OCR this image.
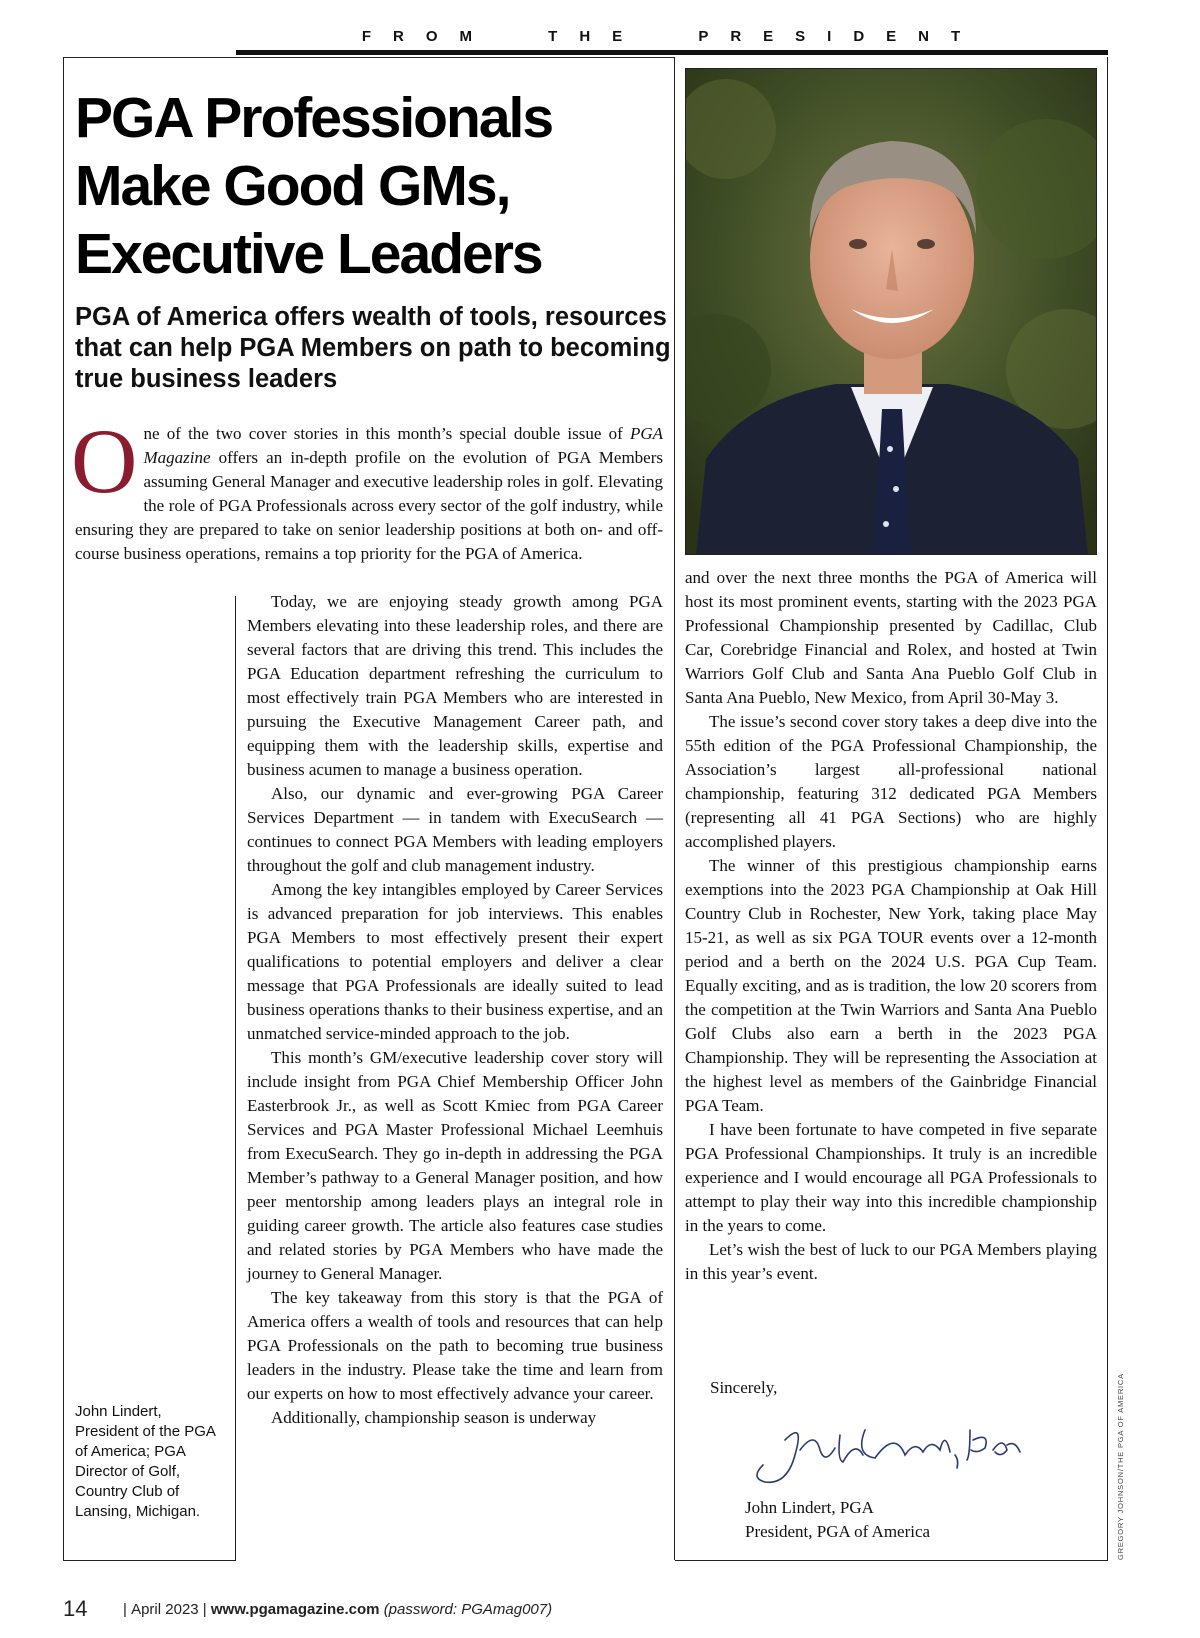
FROM THE PRESIDENT
PGA Professionals
Make Good GMs,
Executive Leaders
PGA of America offers wealth of tools, resources that can help PGA Members on path to becoming true business leaders
O ne of the two cover stories in this month’s special double issue of PGA Magazine offers an in-depth profile on the evolution of PGA Members assuming General Manager and executive leadership roles in golf. Elevating the role of PGA Professionals across every sector of the golf industry, while ensuring they are prepared to take on senior leadership positions at both on- and off-course business operations, remains a top priority for the PGA of America.

Today, we are enjoying steady growth among PGA Members elevating into these leadership roles, and there are several factors that are driving this trend. This includes the PGA Education department refreshing the curriculum to most effectively train PGA Members who are interested in pursuing the Executive Management Career path, and equipping them with the leadership skills, expertise and business acumen to manage a business operation.

Also, our dynamic and ever-growing PGA Career Services Department — in tandem with ExecuSearch — continues to connect PGA Members with leading employers throughout the golf and club management industry.

Among the key intangibles employed by Career Services is advanced preparation for job interviews. This enables PGA Members to most effectively present their expert qualifications to potential employers and deliver a clear message that PGA Professionals are ideally suited to lead business operations thanks to their business expertise, and an unmatched service-minded approach to the job.

This month’s GM/executive leadership cover story will include insight from PGA Chief Membership Officer John Easterbrook Jr., as well as Scott Kmiec from PGA Career Services and PGA Master Professional Michael Leemhuis from ExecuSearch. They go in-depth in addressing the PGA Member’s pathway to a General Manager position, and how peer mentorship among leaders plays an integral role in guiding career growth. The article also features case studies and related stories by PGA Members who have made the journey to General Manager.

The key takeaway from this story is that the PGA of America offers a wealth of tools and resources that can help PGA Professionals on the path to becoming true business leaders in the industry. Please take the time and learn from our experts on how to most effectively advance your career.

Additionally, championship season is underway

and over the next three months the PGA of America will host its most prominent events, starting with the 2023 PGA Professional Championship presented by Cadillac, Club Car, Corebridge Financial and Rolex, and hosted at Twin Warriors Golf Club and Santa Ana Pueblo Golf Club in Santa Ana Pueblo, New Mexico, from April 30-May 3.

The issue’s second cover story takes a deep dive into the 55th edition of the PGA Professional Championship, the Association’s largest all-professional national championship, featuring 312 dedicated PGA Members (representing all 41 PGA Sections) who are highly accomplished players.

The winner of this prestigious championship earns exemptions into the 2023 PGA Championship at Oak Hill Country Club in Rochester, New York, taking place May 15-21, as well as six PGA TOUR events over a 12-month period and a berth on the 2024 U.S. PGA Cup Team. Equally exciting, and as is tradition, the low 20 scorers from the competition at the Twin Warriors and Santa Ana Pueblo Golf Clubs also earn a berth in the 2023 PGA Championship. They will be representing the Association at the highest level as members of the Gainbridge Financial PGA Team.

I have been fortunate to have competed in five separate PGA Professional Championships. It truly is an incredible experience and I would encourage all PGA Professionals to attempt to play their way into this incredible championship in the years to come.

Let’s wish the best of luck to our PGA Members playing in this year’s event.

Sincerely,
John Lindert, PGA
President, PGA of America
John Lindert, President of the PGA of America; PGA Director of Golf, Country Club of Lansing, Michigan.	GREGORY JOHNSON/THE PGA OF AMERICA
14 | April 2023 | www.pgamagazine.com (password: PGAmag007)
